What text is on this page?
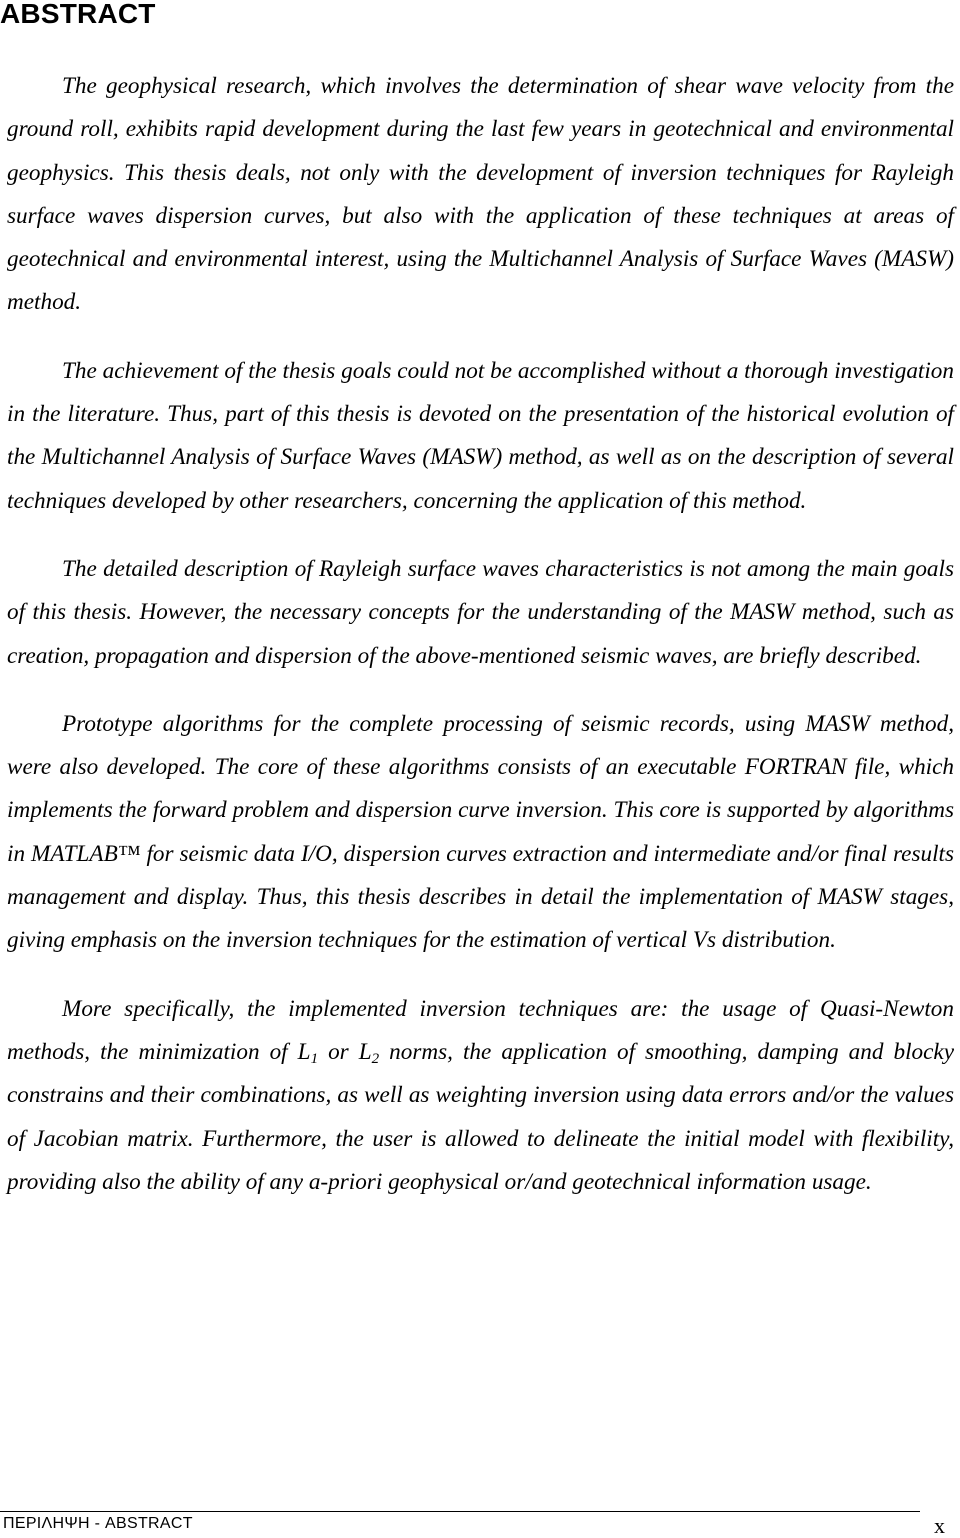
ABSTRACT

The geophysical research, which involves the determination of shear wave velocity from the ground roll, exhibits rapid development during the last few years in geotechnical and environmental geophysics. This thesis deals, not only with the development of inversion techniques for Rayleigh surface waves dispersion curves, but also with the application of these techniques at areas of geotechnical and environmental interest, using the Multichannel Analysis of Surface Waves (MASW) method.

The achievement of the thesis goals could not be accomplished without a thorough investigation in the literature. Thus, part of this thesis is devoted on the presentation of the historical evolution of the Multichannel Analysis of Surface Waves (MASW) method, as well as on the description of several techniques developed by other researchers, concerning the application of this method.

The detailed description of Rayleigh surface waves characteristics is not among the main goals of this thesis. However, the necessary concepts for the understanding of the MASW method, such as creation, propagation and dispersion of the above-mentioned seismic waves, are briefly described.

Prototype algorithms for the complete processing of seismic records, using MASW method, were also developed. The core of these algorithms consists of an executable FORTRAN file, which implements the forward problem and dispersion curve inversion. This core is supported by algorithms in MATLAB™ for seismic data I/O, dispersion curves extraction and intermediate and/or final results management and display. Thus, this thesis describes in detail the implementation of MASW stages, giving emphasis on the inversion techniques for the estimation of vertical Vs distribution.

More specifically, the implemented inversion techniques are: the usage of Quasi-Newton methods, the minimization of $L_1$ or $L_2$ norms, the application of smoothing, damping and blocky constrains and their combinations, as well as weighting inversion using data errors and/or the values of Jacobian matrix. Furthermore, the user is allowed to delineate the initial model with flexibility, providing also the ability of any a-priori geophysical or/and geotechnical information usage.

ΠΕΡΙΛΗΨΗ - ABSTRACT	x
